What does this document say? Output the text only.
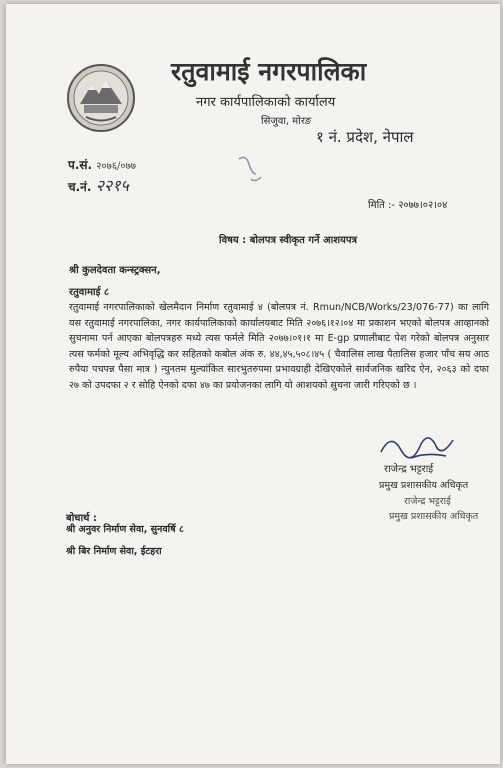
रतुवामाई नगरपालिका
नगर कार्यपालिकाको कार्यालय
सिजुवा, मोरङ
१ नं. प्रदेश, नेपाल
प.सं. २०७६/०७७
च.नं. २२१५
मिति :- २०७७।०२।०४
विषय : बोलपत्र स्वीकृत गर्ने आशयपत्र
श्री कुलदेवता कन्स्ट्रक्सन,
रतुवामाई ८
रतुवामाई नगरपालिकाको खेलमैदान निर्माण रतुवामाई ४ (बोलपत्र नं. Rmun/NCB/Works/23/076-77) का लागि यस रतुवामाई नगरपालिका, नगर कार्यपालिकाको कार्यालयबाट मिति २०७६।१२।०४ मा प्रकाशन भएको बोलपत्र आव्हानको सुचनामा पर्न आएका बोलपत्रहरु मध्ये त्यस फर्मले मिति २०७७।०१।१ मा E-gp प्रणालीबाट पेश गरेको बोलपत्र अनुसार त्यस फर्मको मूल्य अभिवृद्धि कर सहितको कबोल अंक रु. ४४,४५,५०८।४५ ( चैवालिस लाख पैतालिस हजार पाँच सय आठ रुपैया पचपन्न पैसा मात्र ) न्युनतम मुल्यांकित सारभुतरुपमा प्रभावग्राही देखिएकोले सार्वजनिक खरिद ऐन, २०६३ को दफा २७ को उपदफा २ र सोहि ऐनको दफा ४७ का प्रयोजनका लागि यो आशयको सुचना जारी गरिएको छ ।
राजेन्द्र भट्टराई
प्रमुख प्रशासकीय अधिकृत
राजेन्द्र भट्टराई
प्रमुख प्रशासकीय अधिकृत
बोधार्थ :
श्री अनुवर निर्माण सेवा, सुनवर्षि ८
श्री बिर निर्माण सेवा, ईटहरा
